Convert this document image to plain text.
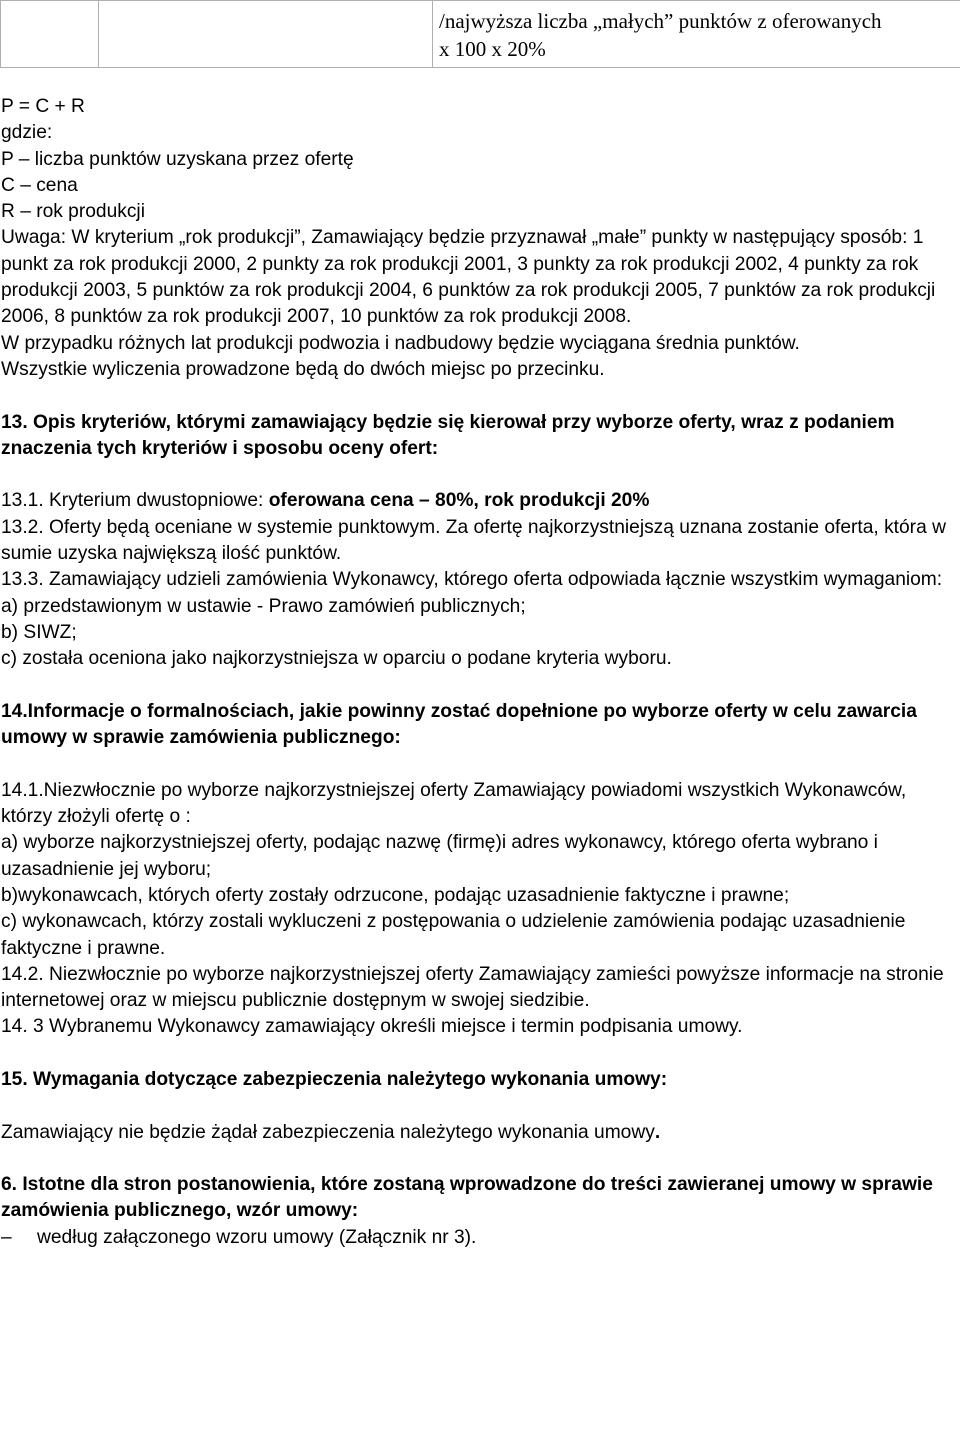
/najwyższa liczba „małych” punktów z oferowanych
x 100 x 20%

P = C + R

gdzie:

P – liczba punktów uzyskana przez ofertę

C – cena

R – rok produkcji

Uwaga: W kryterium „rok produkcji”, Zamawiający będzie przyznawał „małe” punkty w następujący sposób: 1 punkt za rok produkcji 2000, 2 punkty za rok produkcji 2001, 3 punkty za rok produkcji 2002, 4 punkty za rok produkcji 2003, 5 punktów za rok produkcji 2004, 6 punktów za rok produkcji 2005, 7 punktów za rok produkcji 2006, 8 punktów za rok produkcji 2007, 10 punktów za rok produkcji 2008.

W przypadku różnych lat produkcji podwozia i nadbudowy będzie wyciągana średnia punktów.

Wszystkie wyliczenia prowadzone będą do dwóch miejsc po przecinku.

13. Opis kryteriów, którymi zamawiający będzie się kierował przy wyborze oferty, wraz z podaniem znaczenia tych kryteriów i sposobu oceny ofert:

13.1. Kryterium dwustopniowe: oferowana cena – 80%, rok produkcji 20%

13.2. Oferty będą oceniane w systemie punktowym. Za ofertę najkorzystniejszą uznana zostanie oferta, która w sumie uzyska największą ilość punktów.

13.3. Zamawiający udzieli zamówienia Wykonawcy, którego oferta odpowiada łącznie wszystkim wymaganiom:

a) przedstawionym w ustawie - Prawo zamówień publicznych;

b) SIWZ;

c) została oceniona jako najkorzystniejsza w oparciu o podane kryteria wyboru.

14.Informacje o formalnościach, jakie powinny zostać dopełnione po wyborze oferty w celu zawarcia umowy w sprawie zamówienia publicznego:

14.1.Niezwłocznie po wyborze najkorzystniejszej oferty Zamawiający powiadomi wszystkich Wykonawców, którzy złożyli ofertę o :

a) wyborze najkorzystniejszej oferty, podając nazwę (firmę)i adres wykonawcy, którego oferta wybrano i uzasadnienie jej wyboru;

b)wykonawcach, których oferty zostały odrzucone, podając uzasadnienie faktyczne i prawne;

c) wykonawcach, którzy zostali wykluczeni z postępowania o udzielenie zamówienia podając uzasadnienie faktyczne i prawne.

14.2. Niezwłocznie po wyborze najkorzystniejszej oferty Zamawiający zamieści powyższe informacje na stronie internetowej oraz w miejscu publicznie dostępnym w swojej siedzibie.

14. 3 Wybranemu Wykonawcy zamawiający określi miejsce i termin podpisania umowy.

15. Wymagania dotyczące zabezpieczenia należytego wykonania umowy:

Zamawiający nie będzie żądał zabezpieczenia należytego wykonania umowy.

6. Istotne dla stron postanowienia, które zostaną wprowadzone do treści zawieranej umowy w sprawie zamówienia publicznego, wzór umowy:

– według załączonego wzoru umowy (Załącznik nr 3).
